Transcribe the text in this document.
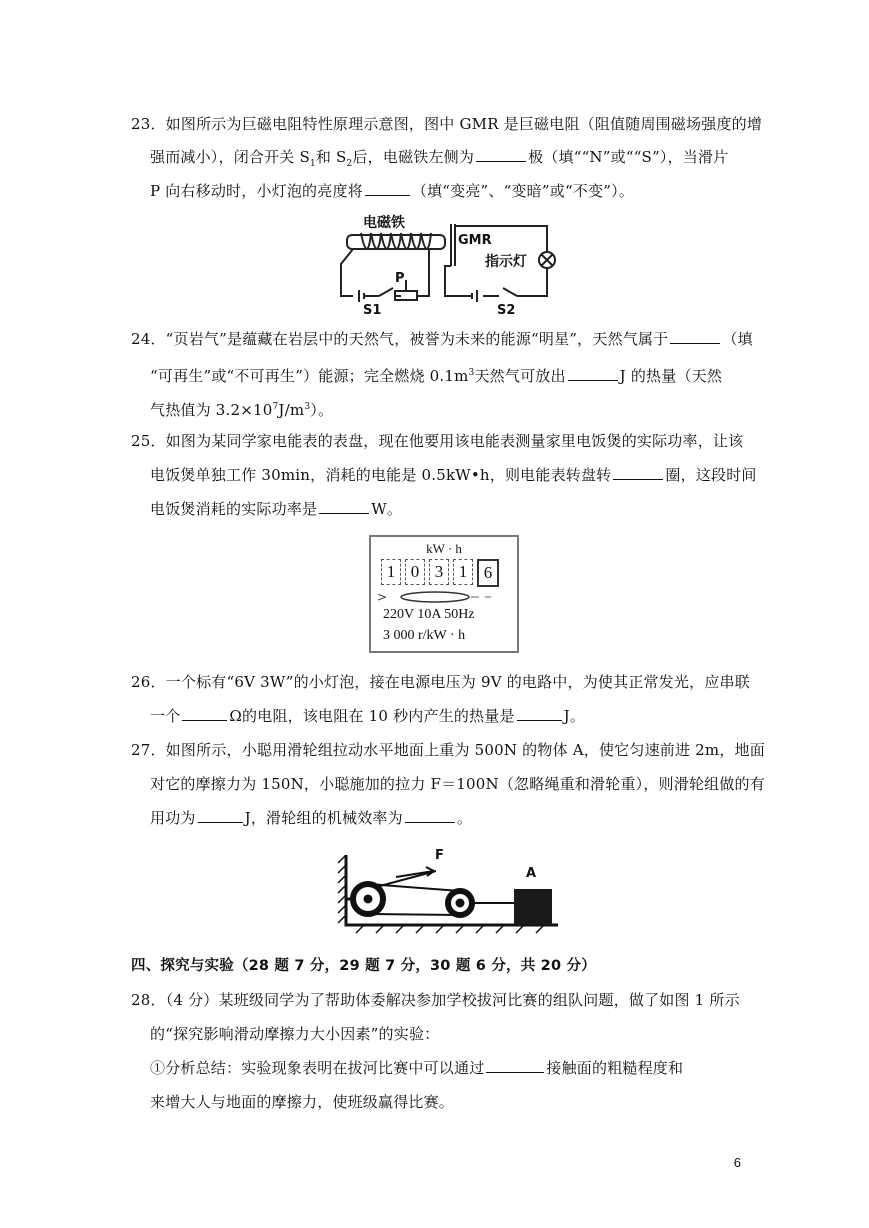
23．如图所示为巨磁电阻特性原理示意图，图中 GMR 是巨磁电阻（阻值随周围磁场强度的增
强而减小），闭合开关 $S_1$和 $S_2$后，电磁铁左侧为	极（填““N”或““S”），当滑片
P 向右移动时，小灯泡的亮度将	（填“变亮”、“变暗”或“不变”）。
电磁铁
GMR
指示灯
P
S1	S2
24．“页岩气”是蕴藏在岩层中的天然气，被誉为未来的能源“明星”，天然气属于	（填
“可再生”或“不可再生”）能源；完全燃烧 $0.1m^3$天然气可放出	J 的热量（天然
气热值为 $3.2\times 10^7J/m^3$）。
25．如图为某同学家电能表的表盘，现在他要用该电能表测量家里电饭煲的实际功率，让该
电饭煲单独工作 30min，消耗的电能是 0.5kW•h，则电能表转盘转	圈，这段时间
电饭煲消耗的实际功率是	W。
kW · h
1 0 3 1 6
>
220V 10A 50Hz
3 000 r/kW · h
26．一个标有“6V 3W”的小灯泡，接在电源电压为 9V 的电路中，为使其正常发光，应串联
一个	Ω的电阻，该电阻在 10 秒内产生的热量是	J。
27．如图所示，小聪用滑轮组拉动水平地面上重为 500N 的物体 A，使它匀速前进 2m，地面
对它的摩擦力为 150N，小聪施加的拉力 F＝100N（忽略绳重和滑轮重），则滑轮组做的有
用功为	J，滑轮组的机械效率为	。
F
A
四、探究与实验（28 题 7 分，29 题 7 分，30 题 6 分，共 20 分）
28．（4 分）某班级同学为了帮助体委解决参加学校拔河比赛的组队问题，做了如图 1 所示
的“探究影响滑动摩擦力大小因素”的实验：
①分析总结：实验现象表明在拔河比赛中可以通过	接触面的粗糙程度和
来增大人与地面的摩擦力，使班级赢得比赛。
6
